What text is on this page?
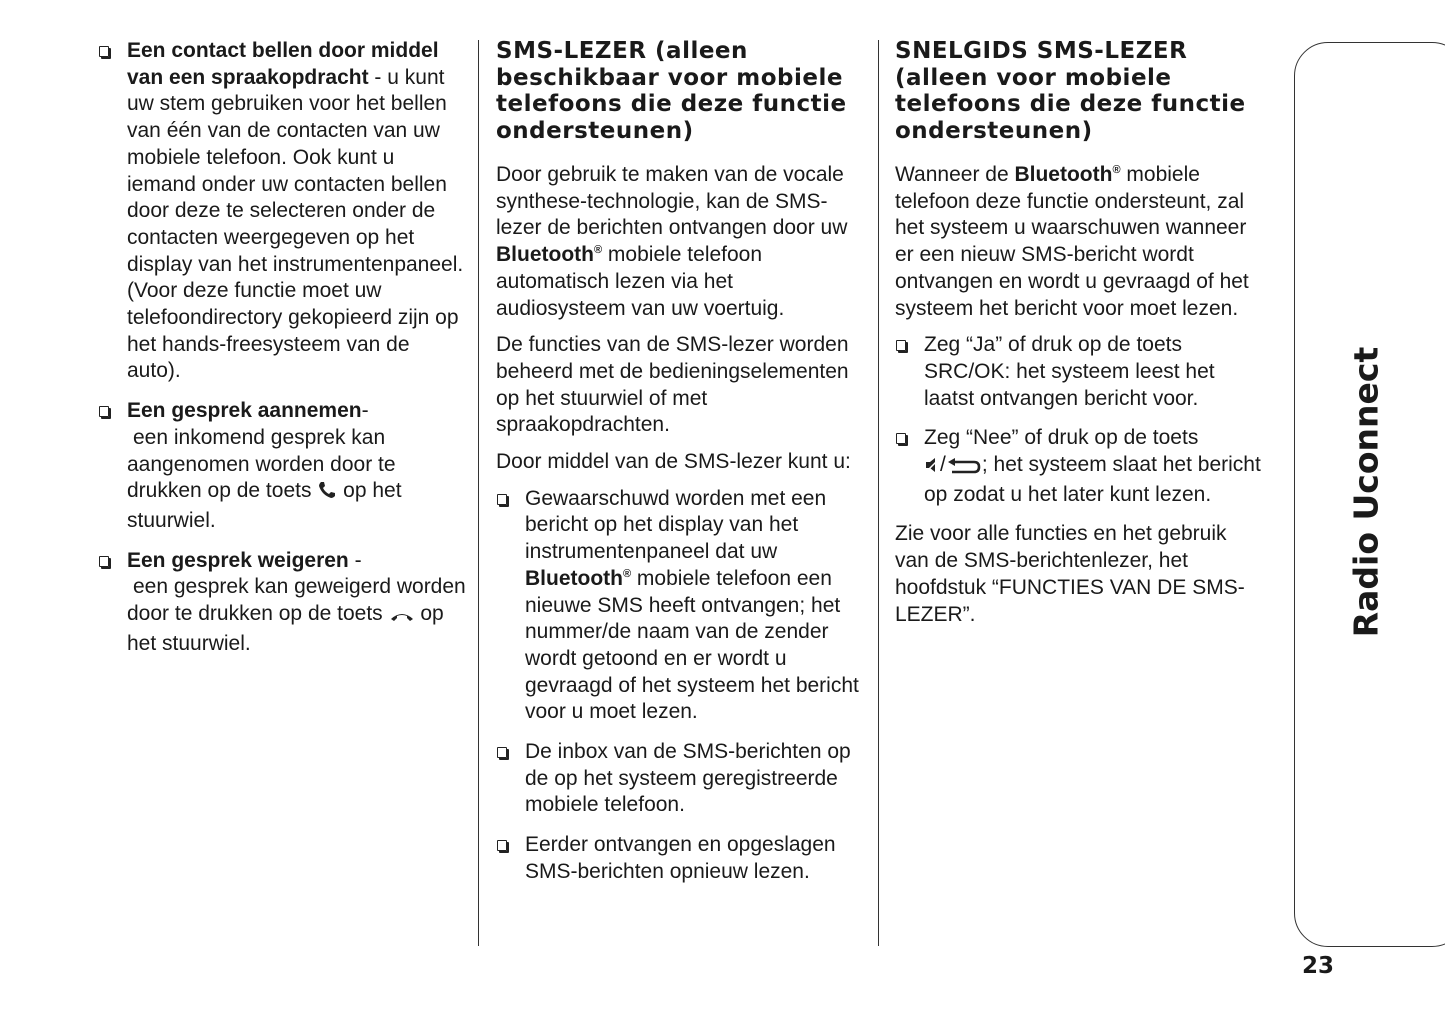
Een contact bellen door middel van een spraakopdracht - u kunt uw stem gebruiken voor het bellen van één van de contacten van uw mobiele telefoon. Ook kunt u iemand onder uw contacten bellen door deze te selecteren onder de contacten weergegeven op het display van het instrumentenpaneel. (Voor deze functie moet uw telefoondirectory gekopieerd zijn op het hands-freesysteem van de auto).
Een gesprek aannemen-
een inkomend gesprek kan aangenomen worden door te drukken op de toets op het stuurwiel.
Een gesprek weigeren -
een gesprek kan geweigerd worden door te drukken op de toets op het stuurwiel.
SMS-LEZER (alleen beschikbaar voor mobiele telefoons die deze functie ondersteunen)

Door gebruik te maken van de vocale synthese-technologie, kan de SMS-lezer de berichten ontvangen door uw Bluetooth® mobiele telefoon automatisch lezen via het audiosysteem van uw voertuig.

De functies van de SMS-lezer worden beheerd met de bedieningselementen op het stuurwiel of met spraakopdrachten.

Door middel van de SMS-lezer kunt u:

Gewaarschuwd worden met een bericht op het display van het instrumentenpaneel dat uw Bluetooth® mobiele telefoon een nieuwe SMS heeft ontvangen; het nummer/de naam van de zender wordt getoond en er wordt u gevraagd of het systeem het bericht voor u moet lezen.
De inbox van de SMS-berichten op de op het systeem geregistreerde mobiele telefoon.
Eerder ontvangen en opgeslagen SMS-berichten opnieuw lezen.
SNELGIDS SMS-LEZER (alleen voor mobiele telefoons die deze functie ondersteunen)

Wanneer de Bluetooth® mobiele telefoon deze functie ondersteunt, zal het systeem u waarschuwen wanneer er een nieuw SMS-bericht wordt ontvangen en wordt u gevraagd of het systeem het bericht voor moet lezen.

Zeg “Ja” of druk op de toets SRC/OK: het systeem leest het laatst ontvangen bericht voor.
Zeg “Nee” of druk op de toets
/ ; het systeem slaat het bericht op zodat u het later kunt lezen.

Zie voor alle functies en het gebruik van de SMS-berichtenlezer, het hoofdstuk “FUNCTIES VAN DE SMS-LEZER”.	Radio Uconnect
23
